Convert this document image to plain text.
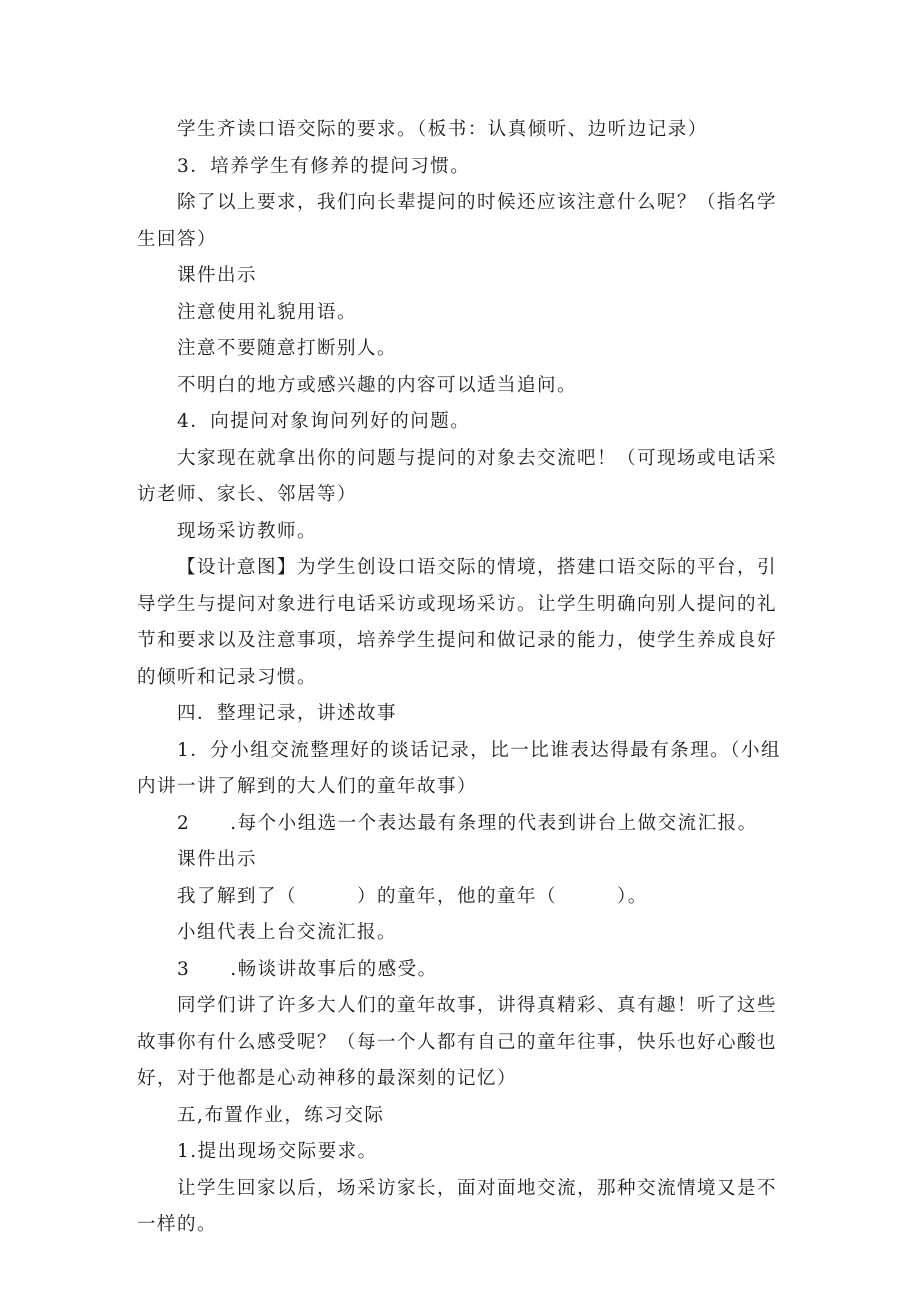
学生齐读口语交际的要求。（板书：认真倾听、边听边记录）

3．培养学生有修养的提问习惯。

除了以上要求，我们向长辈提问的时候还应该注意什么呢？（指名学生回答）

课件出示

注意使用礼貌用语。

注意不要随意打断别人。

不明白的地方或感兴趣的内容可以适当追问。

4．向提问对象询问列好的问题。

大家现在就拿出你的问题与提问的对象去交流吧！（可现场或电话采访老师、家长、邻居等）

现场采访教师。

【设计意图】为学生创设口语交际的情境，搭建口语交际的平台，引导学生与提问对象进行电话采访或现场采访。让学生明确向别人提问的礼节和要求以及注意事项，培养学生提问和做记录的能力，使学生养成良好的倾听和记录习惯。

四．整理记录，讲述故事

1．分小组交流整理好的谈话记录，比一比谁表达得最有条理。（小组内讲一讲了解到的大人们的童年故事）

2　　.每个小组选一个表达最有条理的代表到讲台上做交流汇报。

课件出示

我了解到了（　　　）的童年，他的童年（　　　）。

小组代表上台交流汇报。

3　　.畅谈讲故事后的感受。

同学们讲了许多大人们的童年故事，讲得真精彩、真有趣！听了这些故事你有什么感受呢？（每一个人都有自己的童年往事，快乐也好心酸也好，对于他都是心动神移的最深刻的记忆）

五,布置作业，练习交际

1.提出现场交际要求。

让学生回家以后，场采访家长，面对面地交流，那种交流情境又是不一样的。
